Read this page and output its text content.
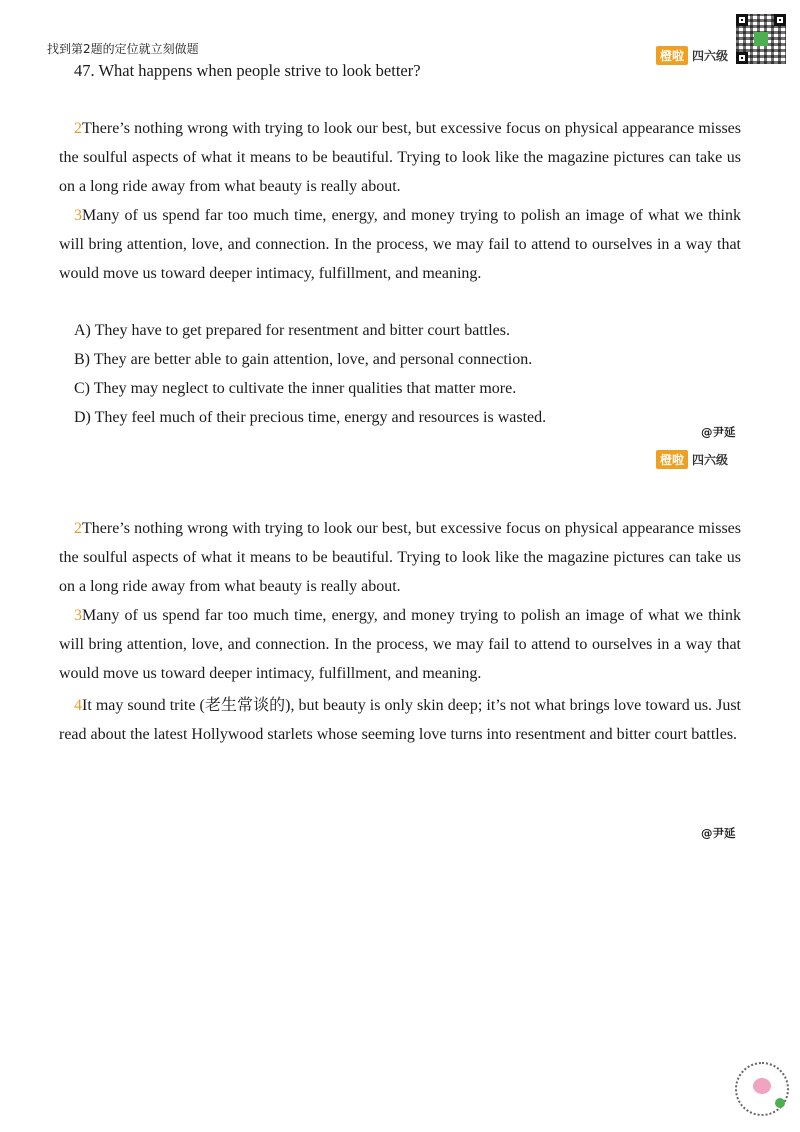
找到第2题的定位就立刻做题	橙啦 四六级
47. What happens when people strive to look better?
2There’s nothing wrong with trying to look our best, but excessive focus on physical appearance misses the soulful aspects of what it means to be beautiful. Trying to look like the magazine pictures can take us on a long ride away from what beauty is really about.
3Many of us spend far too much time, energy, and money trying to polish an image of what we think will bring attention, love, and connection. In the process, we may fail to attend to ourselves in a way that would move us toward deeper intimacy, fulfillment, and meaning.
A) They have to get prepared for resentment and bitter court battles.
B) They are better able to gain attention, love, and personal connection.
C) They may neglect to cultivate the inner qualities that matter more.
D) They feel much of their precious time, energy and resources is wasted.
@尹延
橙啦 四六级
2There’s nothing wrong with trying to look our best, but excessive focus on physical appearance misses the soulful aspects of what it means to be beautiful. Trying to look like the magazine pictures can take us on a long ride away from what beauty is really about.
3Many of us spend far too much time, energy, and money trying to polish an image of what we think will bring attention, love, and connection. In the process, we may fail to attend to ourselves in a way that would move us toward deeper intimacy, fulfillment, and meaning.
4It may sound trite (老生常谈的), but beauty is only skin deep; it’s not what brings love toward us. Just read about the latest Hollywood starlets whose seeming love turns into resentment and bitter court battles.
@尹延
